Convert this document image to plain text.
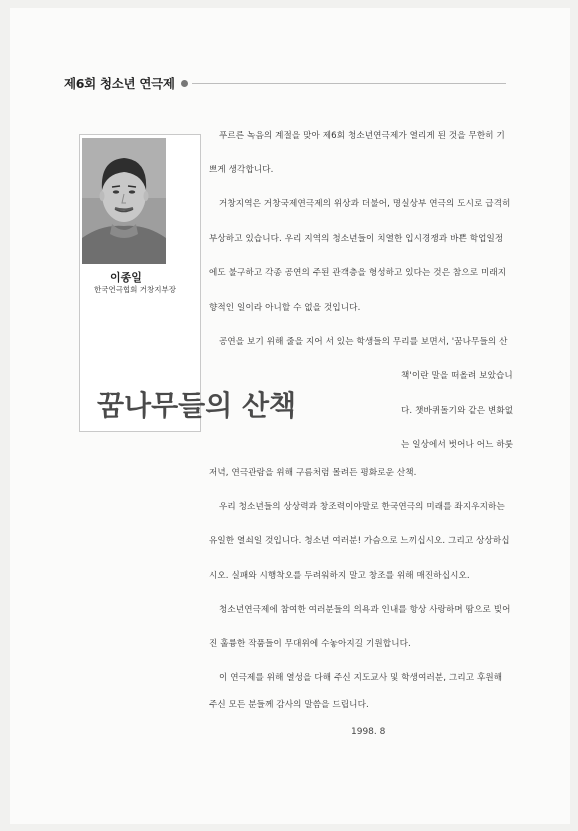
제6회 청소년 연극제
이종일
한국연극협회 거창지부장
꿈나무들의 산책
푸르른 녹음의 계절을 맞아 제6회 청소년연극제가 열리게 된 것을 무한히 기
쁘게 생각합니다.
거창지역은 거창국제연극제의 위상과 더불어, 명실상부 연극의 도시로 급격히
부상하고 있습니다. 우리 지역의 청소년들이 치열한 입시경쟁과 바쁜 학업일정
에도 불구하고 각종 공연의 주된 관객층을 형성하고 있다는 것은 참으로 미래지
향적인 일이라 아니할 수 없을 것입니다.
공연을 보기 위해 줄을 지어 서 있는 학생들의 무리를 보면서, '꿈나무들의 산
책'이란 말을 떠올려 보았습니
다. 챗바퀴돌기와 같은 변화없
는 일상에서 벗어나 어느 하룻
저녁, 연극관람을 위해 구름처럼 몰려든 평화로운 산책.
우리 청소년들의 상상력과 창조력이야말로 한국연극의 미래를 좌지우지하는
유일한 열쇠일 것입니다. 청소년 여러분! 가슴으로 느끼십시오. 그리고 상상하십
시오. 실패와 시행착오를 두려워하지 말고 창조를 위해 매진하십시오.
청소년연극제에 참여한 여러분들의 의욕과 인내를 항상 사랑하며 땀으로 빚어
진 훌륭한 작품들이 무대위에 수놓아지길 기원합니다.
이 연극제를 위해 열성을 다해 주신 지도교사 및 학생여러분, 그리고 후원해
주신 모든 분들께 감사의 말씀을 드립니다.
1998. 8
